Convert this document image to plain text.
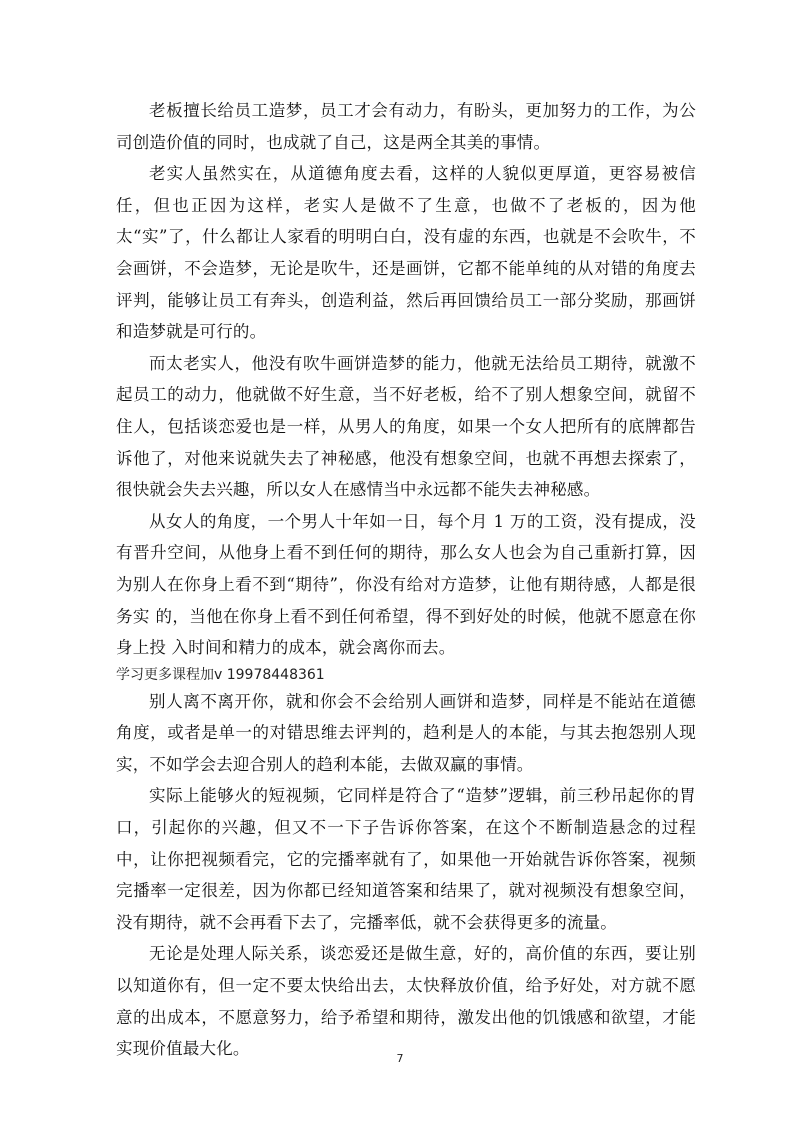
老板擅长给员工造梦，员工才会有动力，有盼头，更加努力的工作，为公司创造价值的同时，也成就了自己，这是两全其美的事情。

老实人虽然实在，从道德角度去看，这样的人貌似更厚道，更容易被信任，但也正因为这样，老实人是做不了生意，也做不了老板的，因为他太“实”了，什么都让人家看的明明白白，没有虚的东西，也就是不会吹牛，不会画饼，不会造梦，无论是吹牛，还是画饼，它都不能单纯的从对错的角度去评判，能够让员工有奔头，创造利益，然后再回馈给员工一部分奖励，那画饼和造梦就是可行的。

而太老实人，他没有吹牛画饼造梦的能力，他就无法给员工期待，就激不起员工的动力，他就做不好生意，当不好老板，给不了别人想象空间，就留不住人，包括谈恋爱也是一样，从男人的角度，如果一个女人把所有的底牌都告诉他了，对他来说就失去了神秘感，他没有想象空间，也就不再想去探索了，很快就会失去兴趣，所以女人在感情当中永远都不能失去神秘感。

从女人的角度，一个男人十年如一日，每个月 1 万的工资，没有提成，没有晋升空间，从他身上看不到任何的期待，那么女人也会为自己重新打算，因为别人在你身上看不到“期待”，你没有给对方造梦，让他有期待感，人都是很务实 的，当他在你身上看不到任何希望，得不到好处的时候，他就不愿意在你身上投 入时间和精力的成本，就会离你而去。

学习更多课程加v 19978448361

别人离不离开你，就和你会不会给别人画饼和造梦，同样是不能站在道德角度，或者是单一的对错思维去评判的，趋利是人的本能，与其去抱怨别人现实，不如学会去迎合别人的趋利本能，去做双赢的事情。

实际上能够火的短视频，它同样是符合了“造梦”逻辑，前三秒吊起你的胃口，引起你的兴趣，但又不一下子告诉你答案，在这个不断制造悬念的过程中，让你把视频看完，它的完播率就有了，如果他一开始就告诉你答案，视频完播率一定很差，因为你都已经知道答案和结果了，就对视频没有想象空间，没有期待，就不会再看下去了，完播率低，就不会获得更多的流量。

无论是处理人际关系，谈恋爱还是做生意，好的，高价值的东西，要让别以知道你有，但一定不要太快给出去，太快释放价值，给予好处，对方就不愿意的出成本，不愿意努力，给予希望和期待，激发出他的饥饿感和欲望，才能实现价值最大化。

7
